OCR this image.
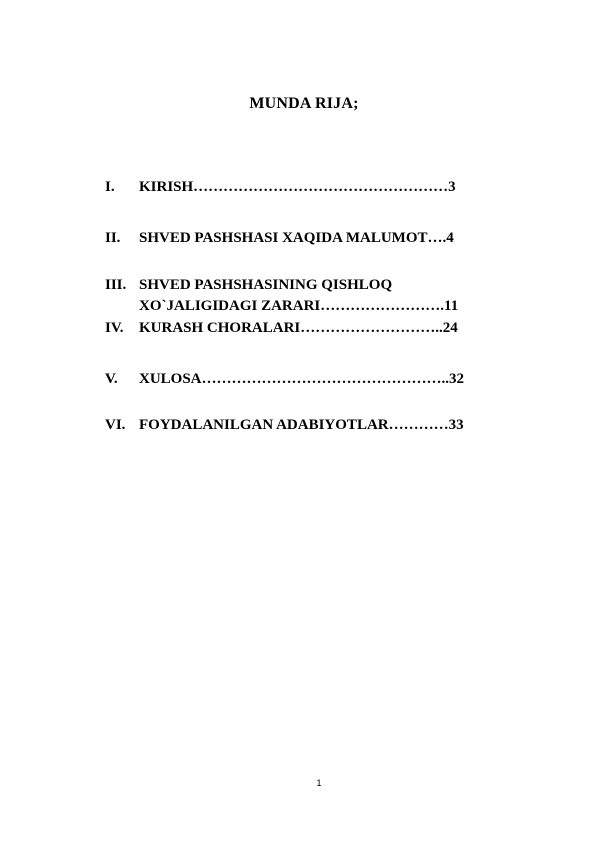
MUNDA RIJA;
I.	KIRISH……………………………………………3
II.	SHVED PASHSHASI XAQIDA MALUMOT….4
III. SHVED PASHSHASINING QISHLOQ
XO`JALIGIDAGI ZARARI…………………….11
IV.	KURASH CHORALARI………………………..24
V.	XULOSA…………………………………………..32
VI. FOYDALANILGAN ADABIYOTLAR…………33
1
